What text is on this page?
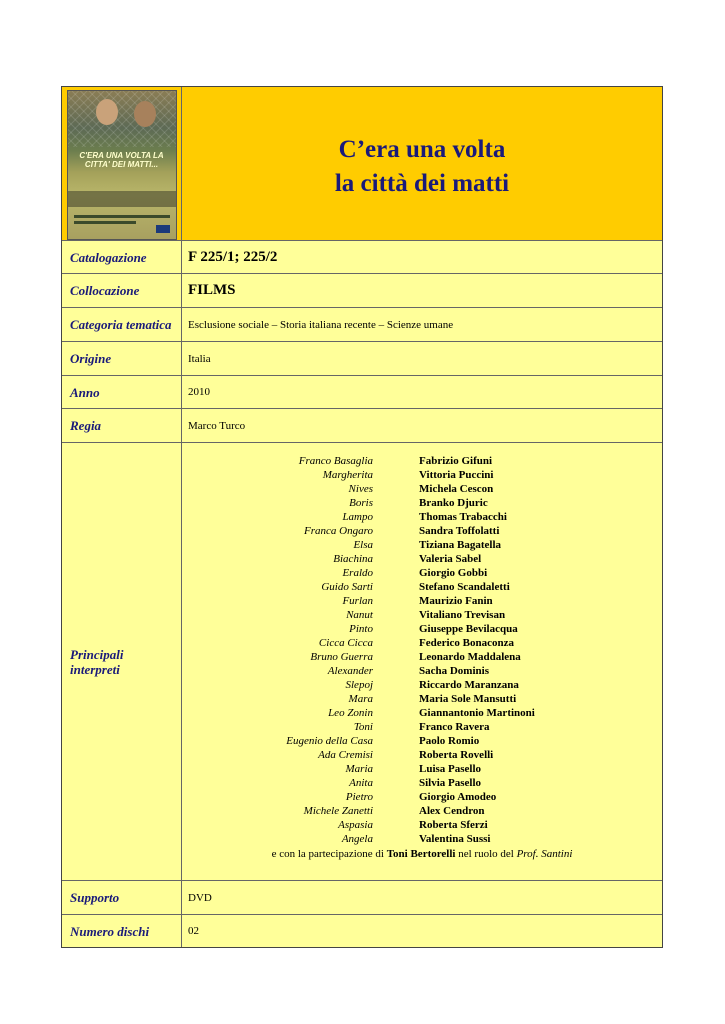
C'ERA UNA VOLTA LA CITTA' DEI MATTI...
C’era una volta
la città dei matti
Catalogazione	F 225/1; 225/2
Collocazione	FILMS
Categoria tematica	Esclusione sociale – Storia italiana recente – Scienze umane
Origine	Italia
Anno	2010
Regia	Marco Turco
Principali interpreti
Franco Basaglia	Fabrizio Gifuni
Margherita	Vittoria Puccini
Nives	Michela Cescon
Boris	Branko Djuric
Lampo	Thomas Trabacchi
Franca Ongaro	Sandra Toffolatti
Elsa	Tiziana Bagatella
Biachina	Valeria Sabel
Eraldo	Giorgio Gobbi
Guido Sarti	Stefano Scandaletti
Furlan	Maurizio Fanin
Nanut	Vitaliano Trevisan
Pinto	Giuseppe Bevilacqua
Cicca Cicca	Federico Bonaconza
Bruno Guerra	Leonardo Maddalena
Alexander	Sacha Dominis
Slepoj	Riccardo Maranzana
Mara	Maria Sole Mansutti
Leo Zonin	Giannantonio Martinoni
Toni	Franco Ravera
Eugenio della Casa	Paolo Romio
Ada Cremisi	Roberta Rovelli
Maria	Luisa Pasello
Anita	Silvia Pasello
Pietro	Giorgio Amodeo
Michele Zanetti	Alex Cendron
Aspasia	Roberta Sferzi
Angela	Valentina Sussi
e con la partecipazione di Toni Bertorelli nel ruolo del Prof. Santini
Supporto	DVD
Numero dischi	02
